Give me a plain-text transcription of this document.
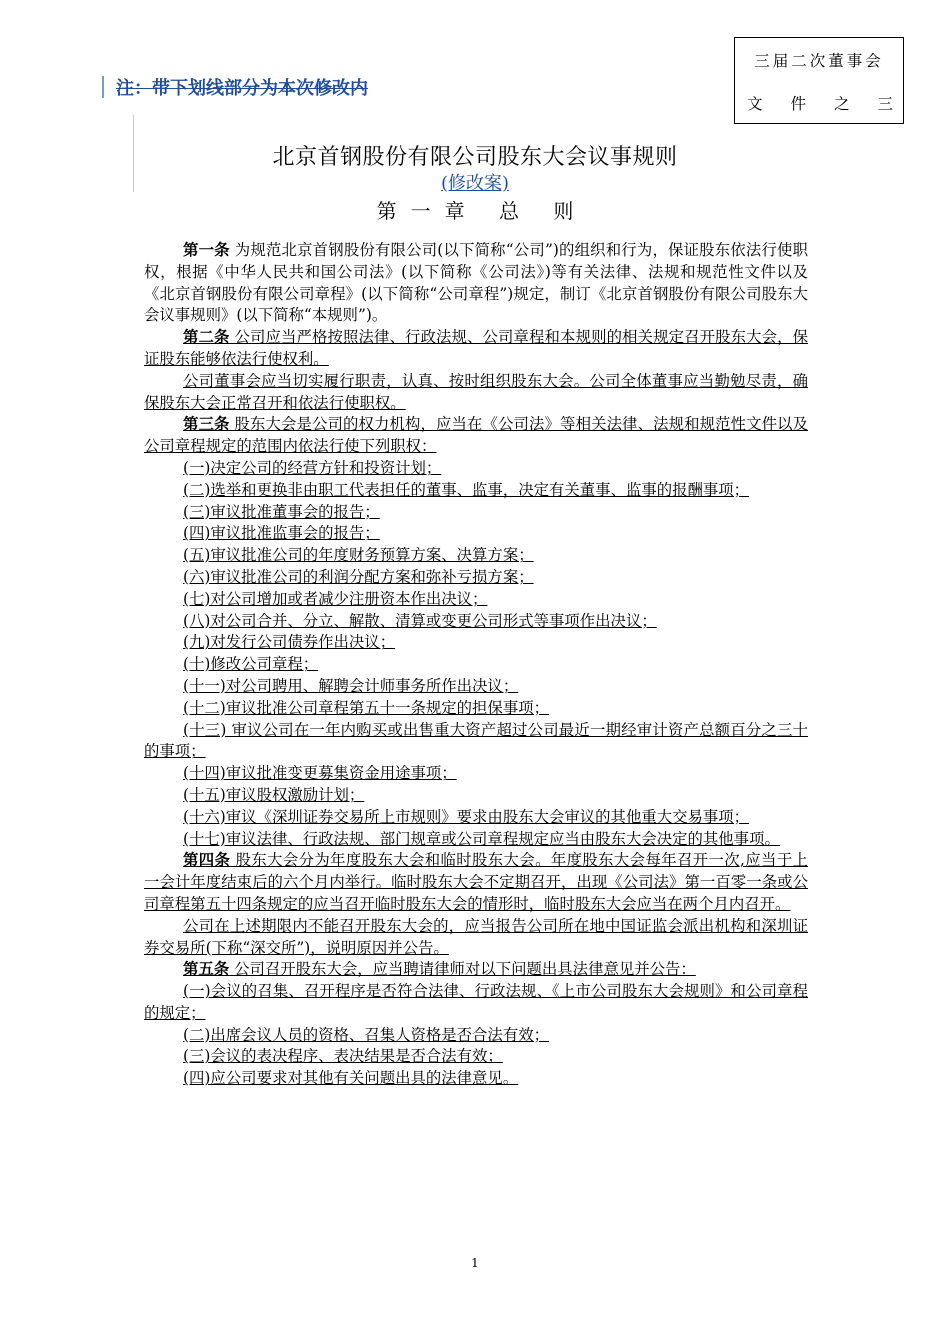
三届二次董事会
文 件 之 三
注：带下划线部分为本次修改内
北京首钢股份有限公司股东大会议事规则
(修改案)
第一章 总 则

第一条 为规范北京首钢股份有限公司(以下简称“公司”)的组织和行为，保证股东依法行使职权，根据《中华人民共和国公司法》(以下简称《公司法》)等有关法律、法规和规范性文件以及《北京首钢股份有限公司章程》(以下简称“公司章程”)规定，制订《北京首钢股份有限公司股东大会议事规则》(以下简称“本规则”)。

第二条 公司应当严格按照法律、行政法规、公司章程和本规则的相关规定召开股东大会，保证股东能够依法行使权利。

公司董事会应当切实履行职责，认真、按时组织股东大会。公司全体董事应当勤勉尽责，确保股东大会正常召开和依法行使职权。

第三条 股东大会是公司的权力机构，应当在《公司法》等相关法律、法规和规范性文件以及公司章程规定的范围内依法行使下列职权：

(一)决定公司的经营方针和投资计划；

(二)选举和更换非由职工代表担任的董事、监事，决定有关董事、监事的报酬事项；

(三)审议批准董事会的报告；

(四)审议批准监事会的报告；

(五)审议批准公司的年度财务预算方案、决算方案；

(六)审议批准公司的利润分配方案和弥补亏损方案；

(七)对公司增加或者减少注册资本作出决议；

(八)对公司合并、分立、解散、清算或变更公司形式等事项作出决议；

(九)对发行公司债券作出决议；

(十)修改公司章程；

(十一)对公司聘用、解聘会计师事务所作出决议；

(十二)审议批准公司章程第五十一条规定的担保事项；

(十三) 审议公司在一年内购买或出售重大资产超过公司最近一期经审计资产总额百分之三十的事项；

(十四)审议批准变更募集资金用途事项；

(十五)审议股权激励计划；

(十六)审议《深圳证券交易所上市规则》要求由股东大会审议的其他重大交易事项；

(十七)审议法律、行政法规、部门规章或公司章程规定应当由股东大会决定的其他事项。

第四条 股东大会分为年度股东大会和临时股东大会。年度股东大会每年召开一次,应当于上一会计年度结束后的六个月内举行。临时股东大会不定期召开，出现《公司法》第一百零一条或公司章程第五十四条规定的应当召开临时股东大会的情形时，临时股东大会应当在两个月内召开。

公司在上述期限内不能召开股东大会的，应当报告公司所在地中国证监会派出机构和深圳证券交易所(下称“深交所”)，说明原因并公告。

第五条 公司召开股东大会，应当聘请律师对以下问题出具法律意见并公告：

(一)会议的召集、召开程序是否符合法律、行政法规、《上市公司股东大会规则》和公司章程的规定；

(二)出席会议人员的资格、召集人资格是否合法有效；

(三)会议的表决程序、表决结果是否合法有效；

(四)应公司要求对其他有关问题出具的法律意见。

1
